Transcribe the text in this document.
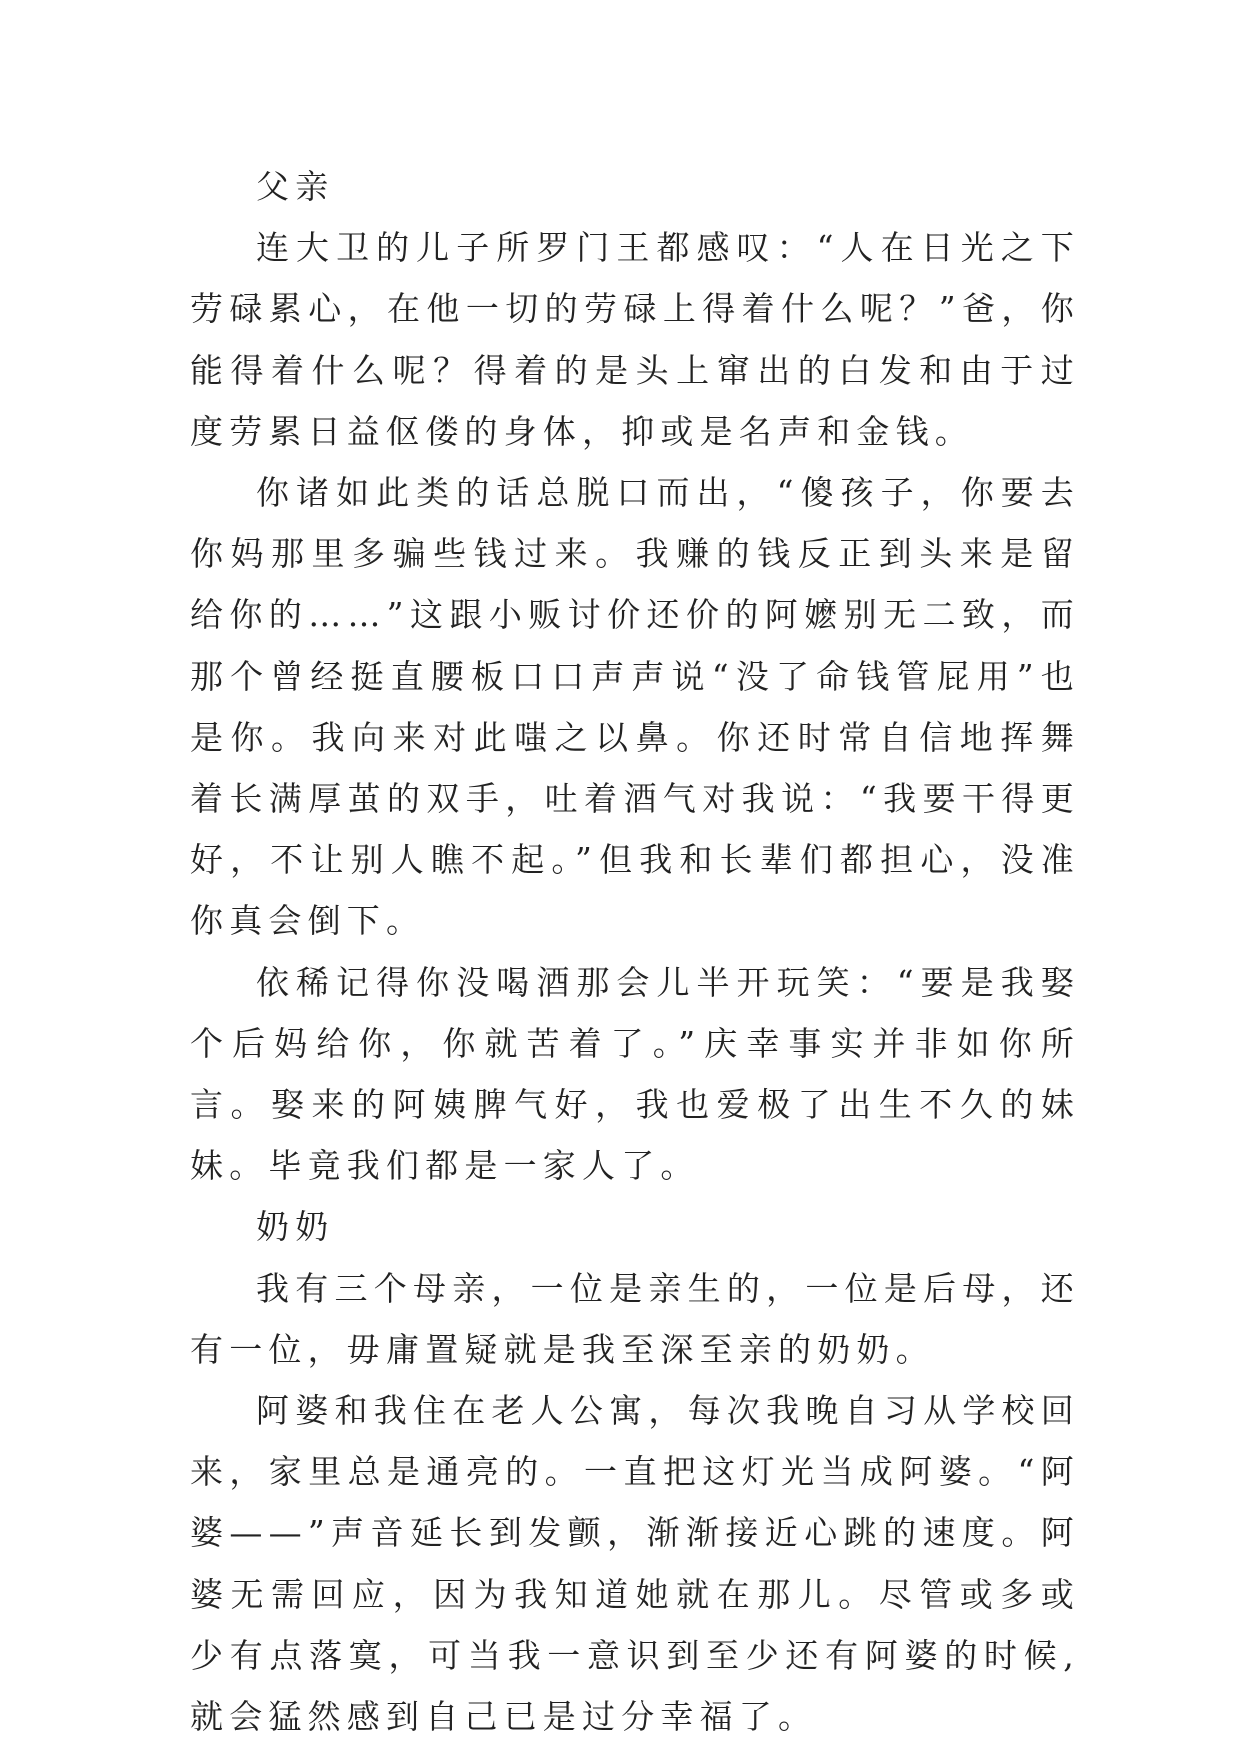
父亲

连大卫的儿子所罗门王都感叹：“人在日光之下劳碌累心，在他一切的劳碌上得着什么呢？”爸，你能得着什么呢？得着的是头上窜出的白发和由于过度劳累日益伛偻的身体，抑或是名声和金钱。

你诸如此类的话总脱口而出，“傻孩子，你要去你妈那里多骗些钱过来。我赚的钱反正到头来是留给你的……”这跟小贩讨价还价的阿嬷别无二致，而那个曾经挺直腰板口口声声说“没了命钱管屁用”也是你。我向来对此嗤之以鼻。你还时常自信地挥舞着长满厚茧的双手，吐着酒气对我说：“我要干得更好，不让别人瞧不起。”但我和长辈们都担心，没准你真会倒下。

依稀记得你没喝酒那会儿半开玩笑：“要是我娶个后妈给你，你就苦着了。”庆幸事实并非如你所言。娶来的阿姨脾气好，我也爱极了出生不久的妹妹。毕竟我们都是一家人了。

奶奶

我有三个母亲，一位是亲生的，一位是后母，还有一位，毋庸置疑就是我至深至亲的奶奶。

阿婆和我住在老人公寓，每次我晚自习从学校回来，家里总是通亮的。一直把这灯光当成阿婆。“阿婆——”声音延长到发颤，渐渐接近心跳的速度。阿婆无需回应，因为我知道她就在那儿。尽管或多或少有点落寞，可当我一意识到至少还有阿婆的时候,就会猛然感到自己已是过分幸福了。
